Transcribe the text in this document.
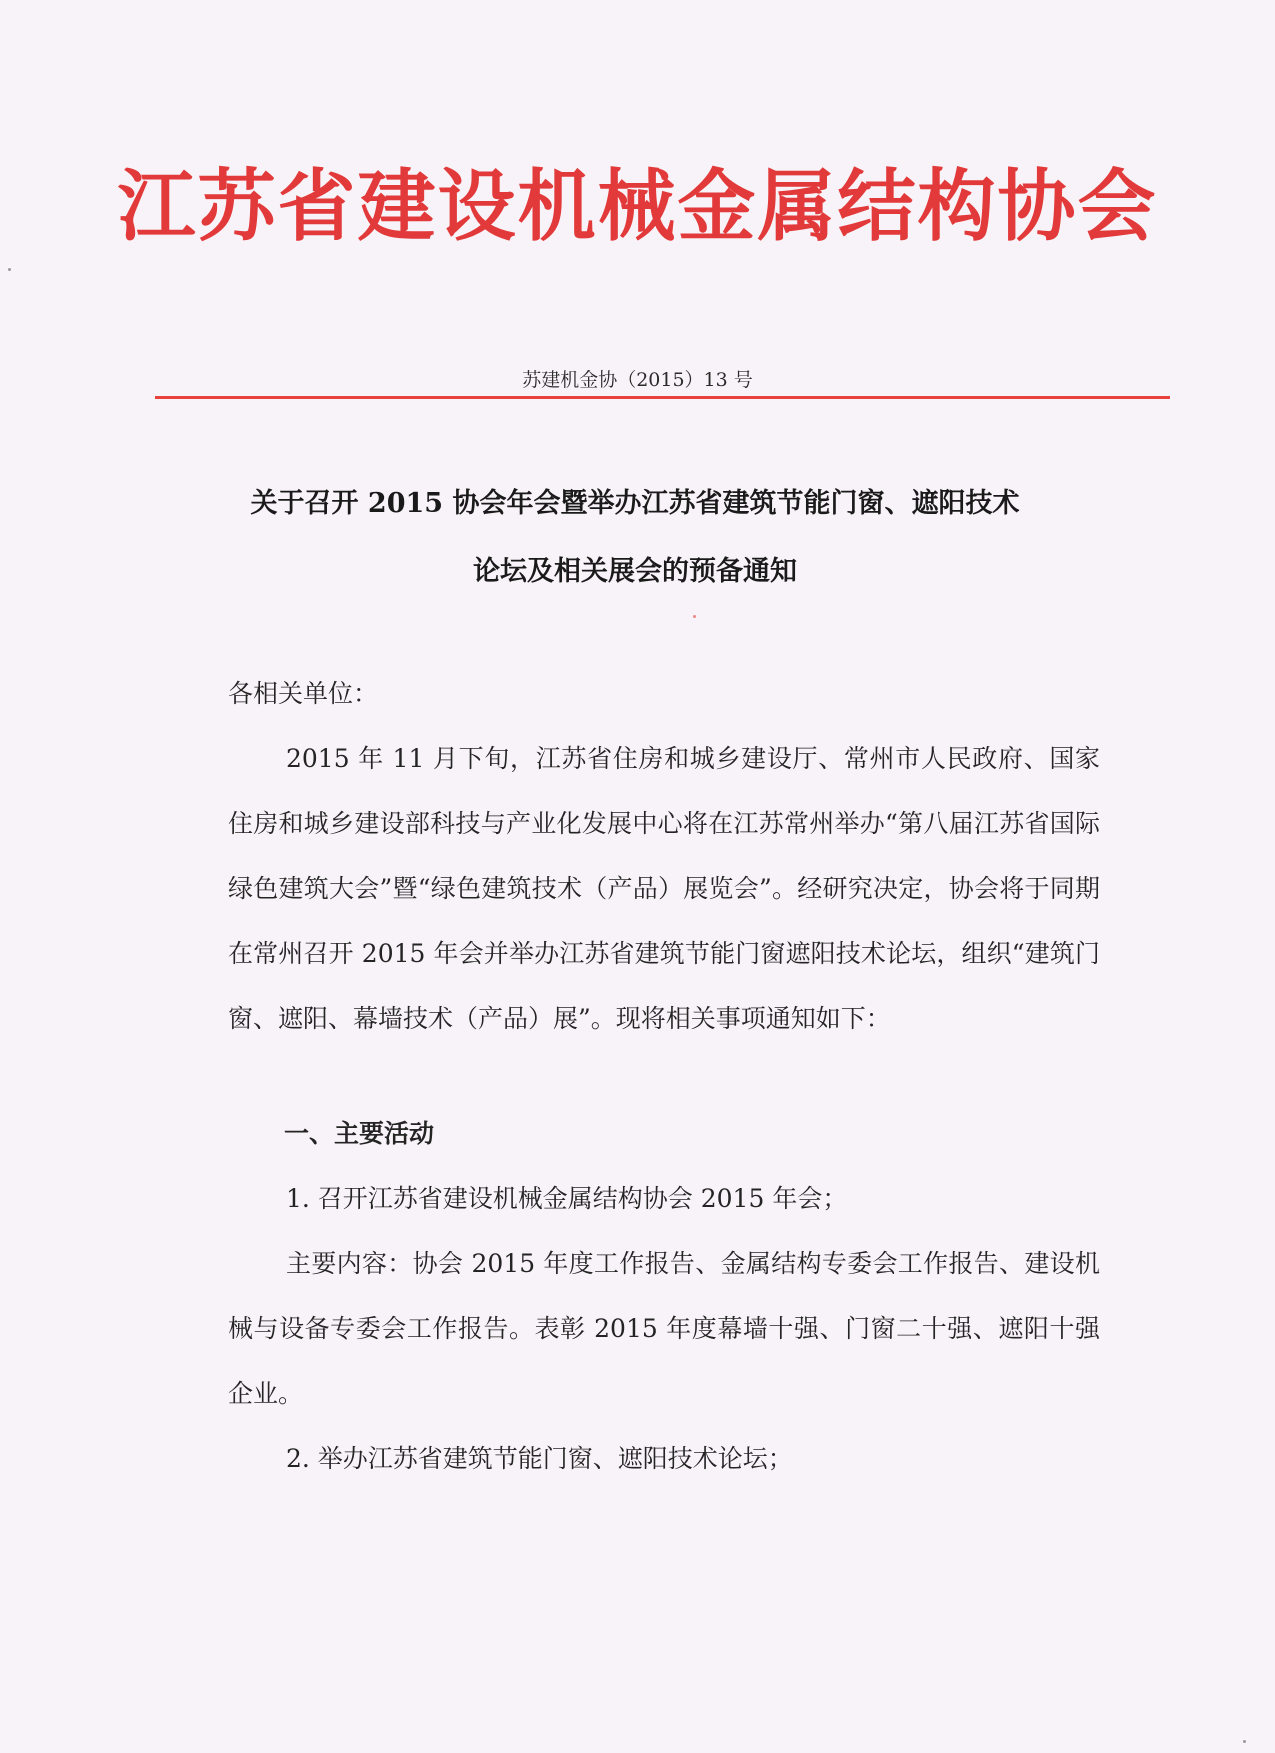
江苏省建设机械金属结构协会
苏建机金协（2015）13 号
关于召开 2015 协会年会暨举办江苏省建筑节能门窗、遮阳技术
论坛及相关展会的预备通知

各相关单位：

2015 年 11 月下旬，江苏省住房和城乡建设厅、常州市人民政府、国家住房和城乡建设部科技与产业化发展中心将在江苏常州举办“第八届江苏省国际绿色建筑大会”暨“绿色建筑技术（产品）展览会”。经研究决定，协会将于同期在常州召开 2015 年会并举办江苏省建筑节能门窗遮阳技术论坛，组织“建筑门窗、遮阳、幕墙技术（产品）展”。现将相关事项通知如下：

一、主要活动

1. 召开江苏省建设机械金属结构协会 2015 年会；

主要内容：协会 2015 年度工作报告、金属结构专委会工作报告、建设机械与设备专委会工作报告。表彰 2015 年度幕墙十强、门窗二十强、遮阳十强企业。

2. 举办江苏省建筑节能门窗、遮阳技术论坛；
